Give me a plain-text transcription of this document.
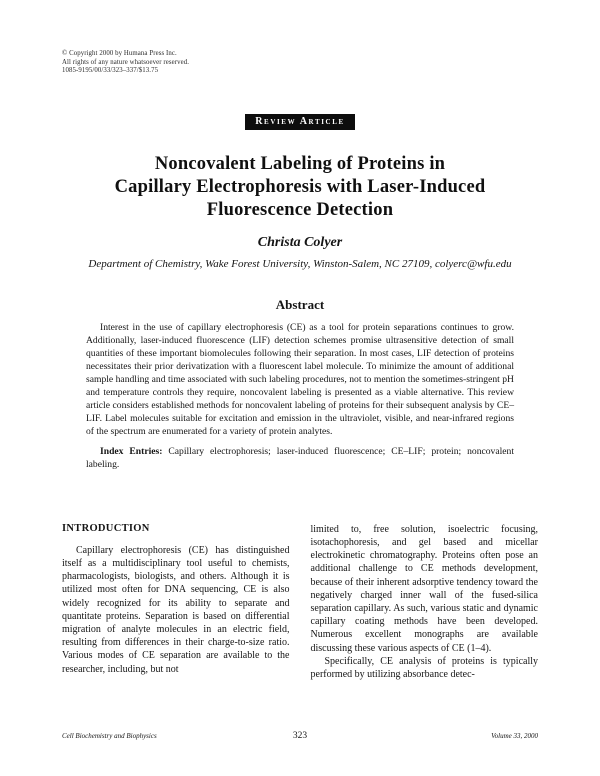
© Copyright 2000 by Humana Press Inc.
All rights of any nature whatsoever reserved.
1085-9195/00/33/323–337/$13.75
Review Article
Noncovalent Labeling of Proteins in
Capillary Electrophoresis with Laser-Induced
Fluorescence Detection
Christa Colyer
Department of Chemistry, Wake Forest University, Winston-Salem, NC 27109, colyerc@wfu.edu
Abstract

Interest in the use of capillary electrophoresis (CE) as a tool for protein separations continues to grow. Additionally, laser-induced fluorescence (LIF) detection schemes promise ultrasensitive detection of small quantities of these important biomolecules following their separation. In most cases, LIF detection of proteins necessitates their prior derivatization with a fluorescent label molecule. To minimize the amount of additional sample handling and time associated with such labeling procedures, not to mention the sometimes-stringent pH and temperature controls they require, noncovalent labeling is presented as a viable alternative. This review article considers established methods for noncovalent labeling of proteins for their subsequent analysis by CE–LIF. Label molecules suitable for excitation and emission in the ultraviolet, visible, and near-infrared regions of the spectrum are enumerated for a variety of protein analytes.

Index Entries: Capillary electrophoresis; laser-induced fluorescence; CE–LIF; protein; noncovalent labeling.

INTRODUCTION

Capillary electrophoresis (CE) has distinguished itself as a multidisciplinary tool useful to chemists, pharmacologists, biologists, and others. Although it is utilized most often for DNA sequencing, CE is also widely recognized for its ability to separate and quantitate proteins. Separation is based on differential migration of analyte molecules in an electric field, resulting from differences in their charge-to-size ratio. Various modes of CE separation are available to the researcher, including, but not

limited to, free solution, isoelectric focusing, isotachophoresis, and gel based and micellar electrokinetic chromatography. Proteins often pose an additional challenge to CE methods development, because of their inherent adsorptive tendency toward the negatively charged inner wall of the fused-silica separation capillary. As such, various static and dynamic capillary coating methods have been developed. Numerous excellent monographs are available discussing these various aspects of CE (1–4).

Specifically, CE analysis of proteins is typically performed by utilizing absorbance detec-

Cell Biochemistry and Biophysics	323	Volume 33, 2000
